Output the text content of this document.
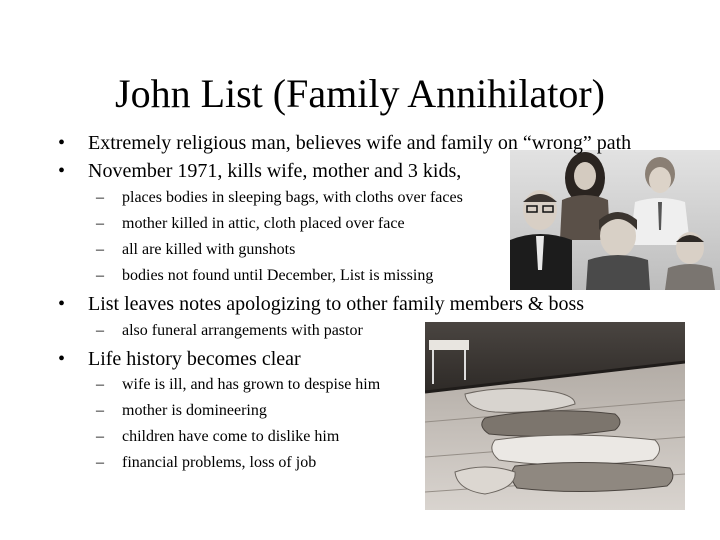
John List (Family Annihilator)
• Extremely religious man, believes wife and family on “wrong” path
• November 1971, kills wife, mother and 3 kids,
– places bodies in sleeping bags, with cloths over faces
– mother killed in attic, cloth placed over face
– all are killed with gunshots
– bodies not found until December, List is missing
• List leaves notes apologizing to other family members & boss
– also funeral arrangements with pastor
• Life history becomes clear
– wife is ill, and has grown to despise him
– mother is domineering
– children have come to dislike him
– financial problems, loss of job
